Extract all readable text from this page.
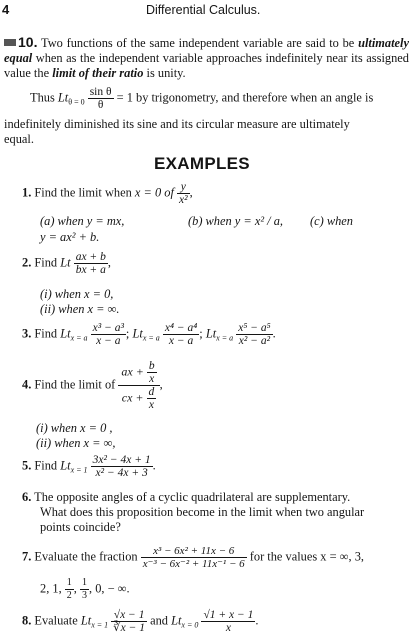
4	Differential Calculus.
10. Two functions of the same independent variable are said to be ultimately equal when as the independent variable approaches indefinitely near its assigned value the limit of their ratio is unity.
Thus $Lt_{\theta = 0} \frac{\text{sin θ}}{\theta} = 1$ by trigonometry, and therefore when an angle is
indefinitely diminished its sine and its circular measure are ultimately
equal.
EXAMPLES
1. Find the limit when x = 0 of $\frac{y}{\text{x²}}$ ,
(a) when y = mx,	(b) when y = x² / a, (c) when
y = ax² + b.
2. Find Lt $\frac{ax + b}{bx + a}$ ,
(i) when x = 0,
(ii) when x = ∞.
3. Find $Lt_{x = a} \frac{\text{x³ − a³}}{x - a}$ ; $Lt_{x = a} \frac{\text{x⁴ − a⁴}}{x - a}$ ; $Lt_{x = a} \frac{\text{x⁵ − a⁵}}{\text{x² − a²}}$ .
4. Find the limit of $\frac{ax + \frac{b}{x}}{cx + \frac{d}{x}}$ ,
(i) when x = 0 ,
(ii) when x = ∞,
5. Find $Lt_{x = 1} \frac{\text{3x² − 4x + 1}}{\text{x² − 4x + 3}}$ .
6. The opposite angles of a cyclic quadrilateral are supplementary.
What does this proposition become in the limit when two angular
points coincide?
7. Evaluate the fraction $\frac{\text{x³ − 6x² + 11x − 6}}{\text{x⁻³ − 6x⁻² + 11x⁻¹ − 6}}$ for the values x = ∞, 3,
2, 1, $\frac{1}{2}$ , $\frac{1}{3}$ , 0, − ∞.
8. Evaluate $Lt_{x = 1} \frac{√x - 1}{∛x - 1}$ and $Lt_{x = 0} \frac{√1 + x - 1}{x}$ .
